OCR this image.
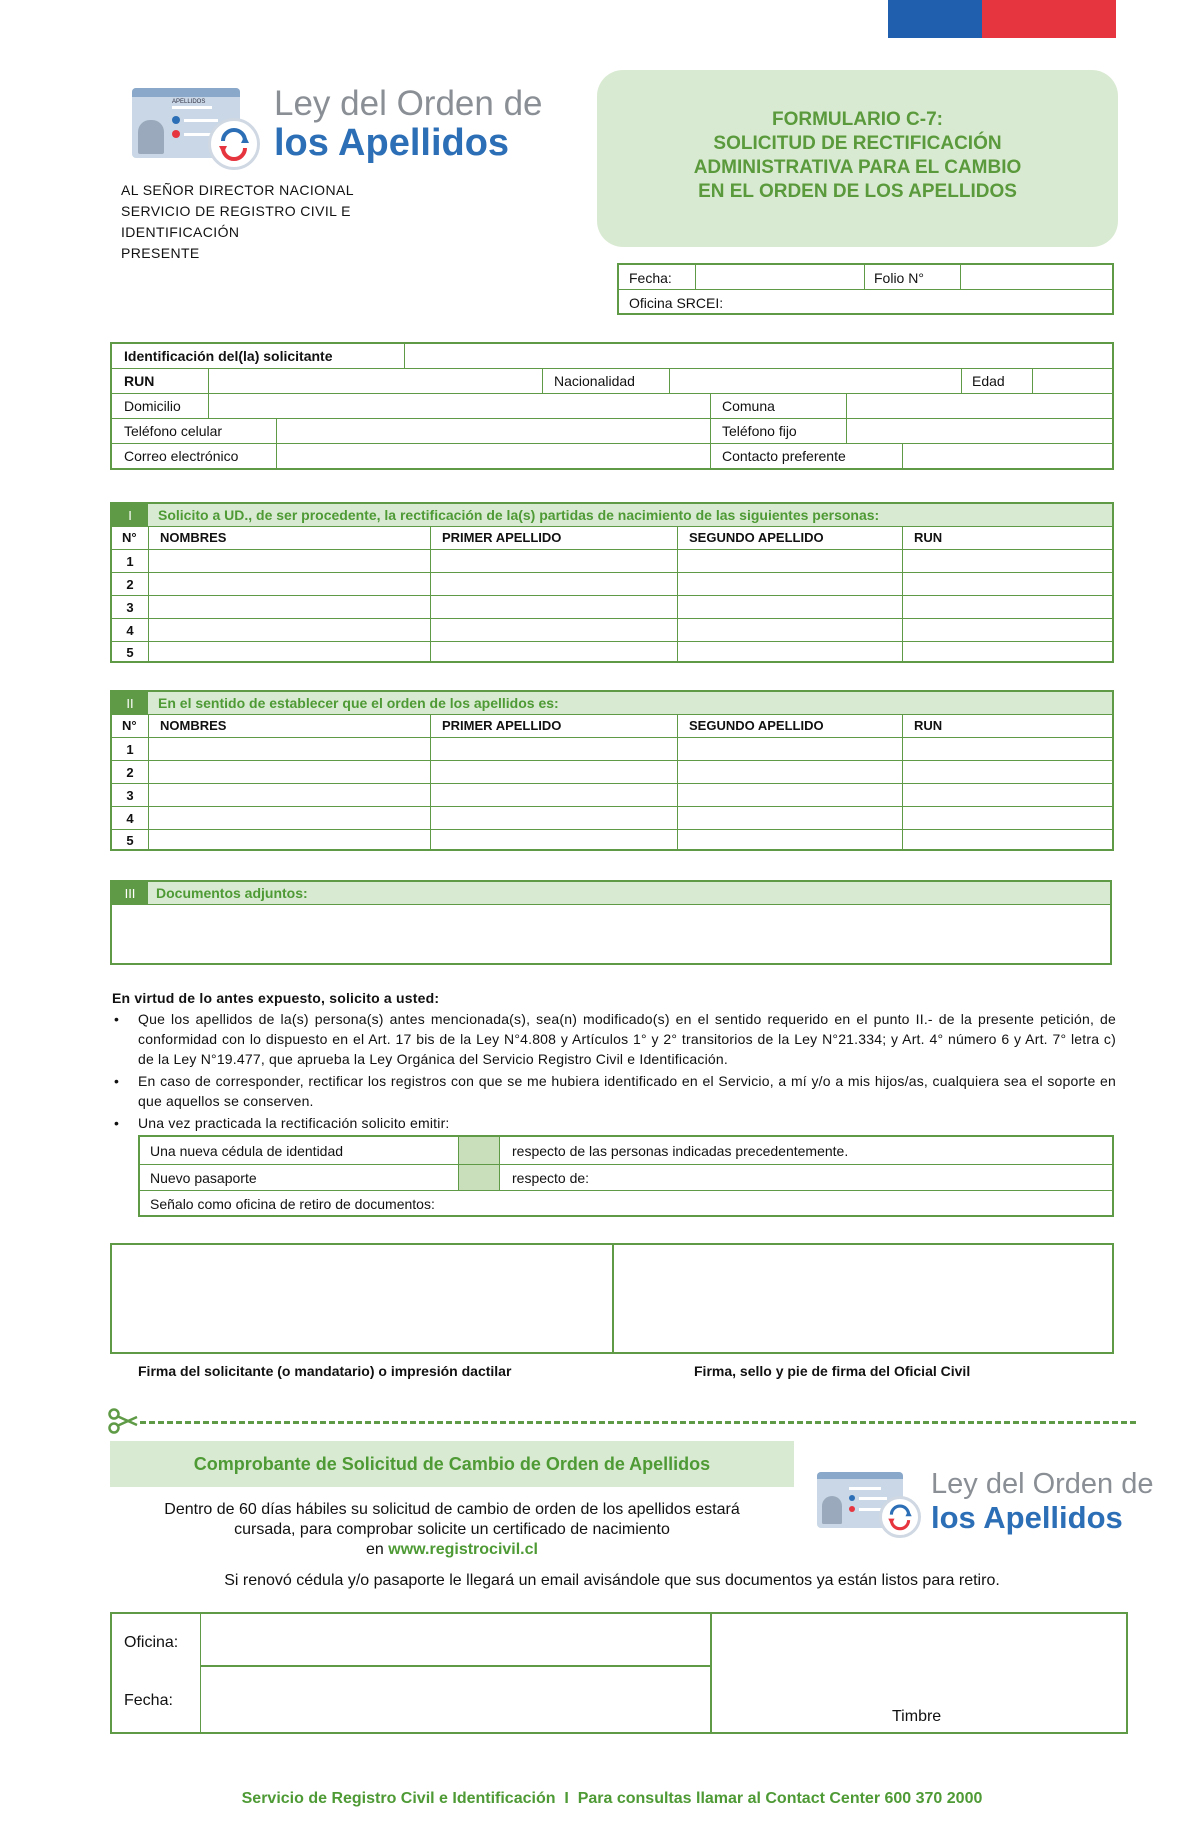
APELLIDOS Ley del Orden de
los Apellidos
AL SEÑOR DIRECTOR NACIONAL
SERVICIO DE REGISTRO CIVIL E
IDENTIFICACIÓN
PRESENTE
FORMULARIO C-7:
SOLICITUD DE RECTIFICACIÓN
ADMINISTRATIVA PARA EL CAMBIO
EN EL ORDEN DE LOS APELLIDOS
Fecha:	Folio N°
Oficina SRCEI:
Identificación del(la) solicitante
RUN	Nacionalidad	Edad
Domicilio	Comuna
Teléfono celular	Teléfono fijo
Correo electrónico	Contacto preferente
I	Solicito a UD., de ser procedente, la rectificación de la(s) partidas de nacimiento de las siguientes personas:
N° NOMBRES	PRIMER APELLIDO	SEGUNDO APELLIDO	RUN
1
2
3
4
5
II	En el sentido de establecer que el orden de los apellidos es:
N° NOMBRES	PRIMER APELLIDO	SEGUNDO APELLIDO	RUN
1
2
3
4
5
III	Documentos adjuntos:
En virtud de lo antes expuesto, solicito a usted:
• Que los apellidos de la(s) persona(s) antes mencionada(s), sea(n) modificado(s) en el sentido requerido en el punto II.- de la presente petición, de conformidad con lo dispuesto en el Art. 17 bis de la Ley N°4.808 y Artículos 1° y 2° transitorios de la Ley N°21.334; y Art. 4° número 6 y Art. 7° letra c) de la Ley N°19.477, que aprueba la Ley Orgánica del Servicio Registro Civil e Identificación.
• En caso de corresponder, rectificar los registros con que se me hubiera identificado en el Servicio, a mí y/o a mis hijos/as, cualquiera sea el soporte en que aquellos se conserven.
• Una vez practicada la rectificación solicito emitir:
Una nueva cédula de identidad	respecto de las personas indicadas precedentemente.
Nuevo pasaporte	respecto de:
Señalo como oficina de retiro de documentos:
Firma del solicitante (o mandatario) o impresión dactilar	Firma, sello y pie de firma del Oficial Civil
Comprobante de Solicitud de Cambio de Orden de Apellidos
Dentro de 60 días hábiles su solicitud de cambio de orden de los apellidos estará
cursada, para comprobar solicite un certificado de nacimiento
en www.registrocivil.cl
Ley del Orden de
los Apellidos
Si renovó cédula y/o pasaporte le llegará un email avisándole que sus documentos ya están listos para retiro.
Oficina:
Fecha:
Timbre
Servicio de Registro Civil e Identificación  I  Para consultas llamar al Contact Center 600 370 2000
